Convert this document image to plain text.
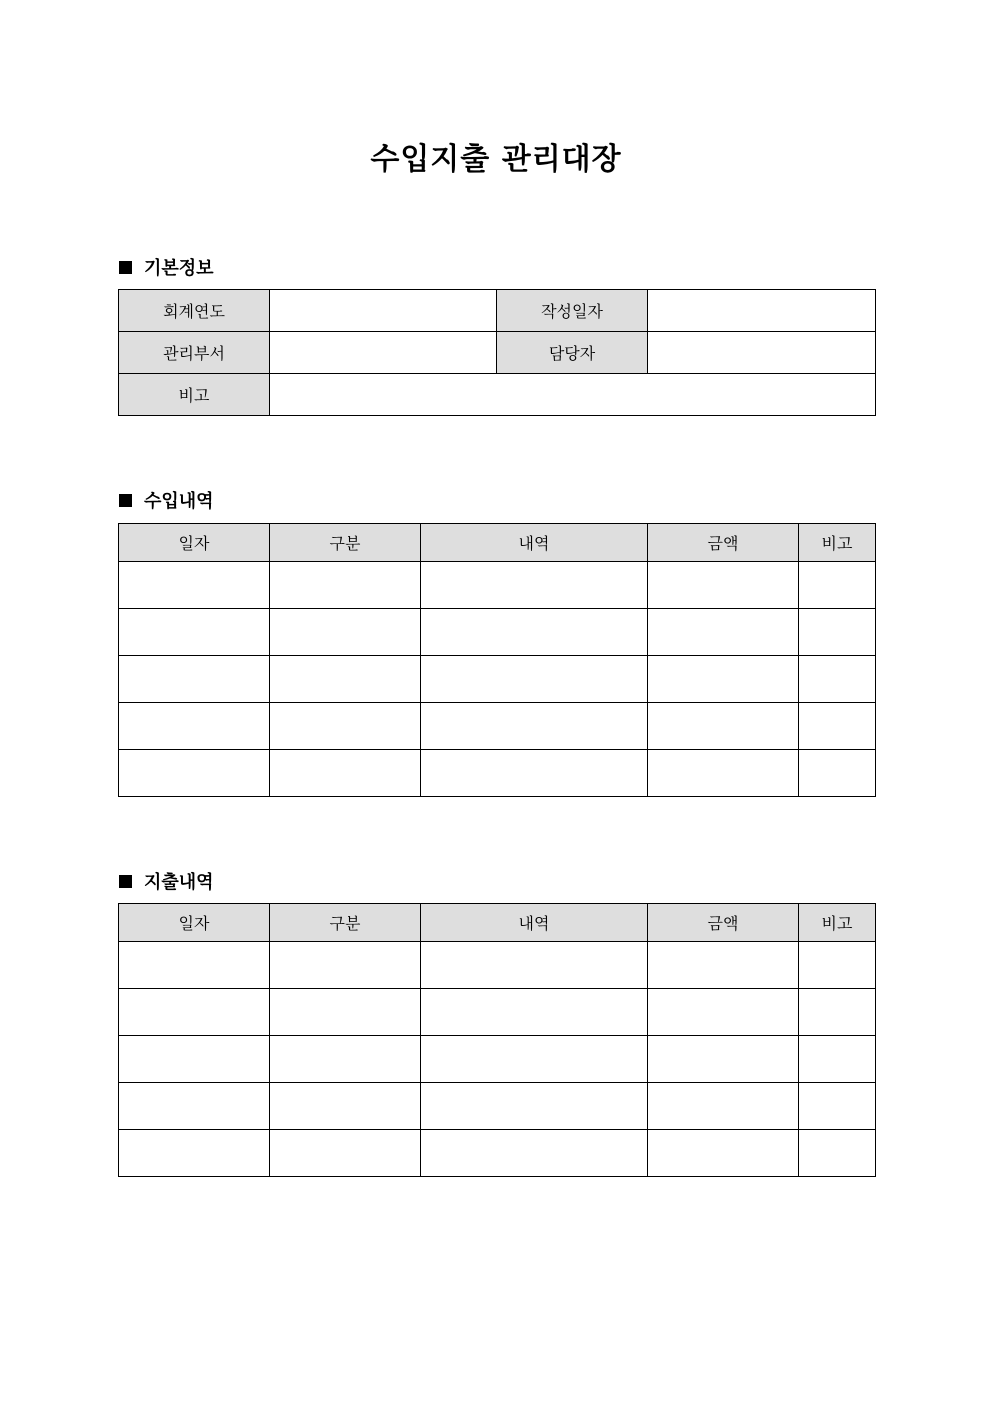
수입지출 관리대장
기본정보
회계연도		작성일자	
관리부서		담당자	
비고			
수입내역
일자	구분	내역	금액	비고

지출내역
일자	구분	내역	금액	비고
